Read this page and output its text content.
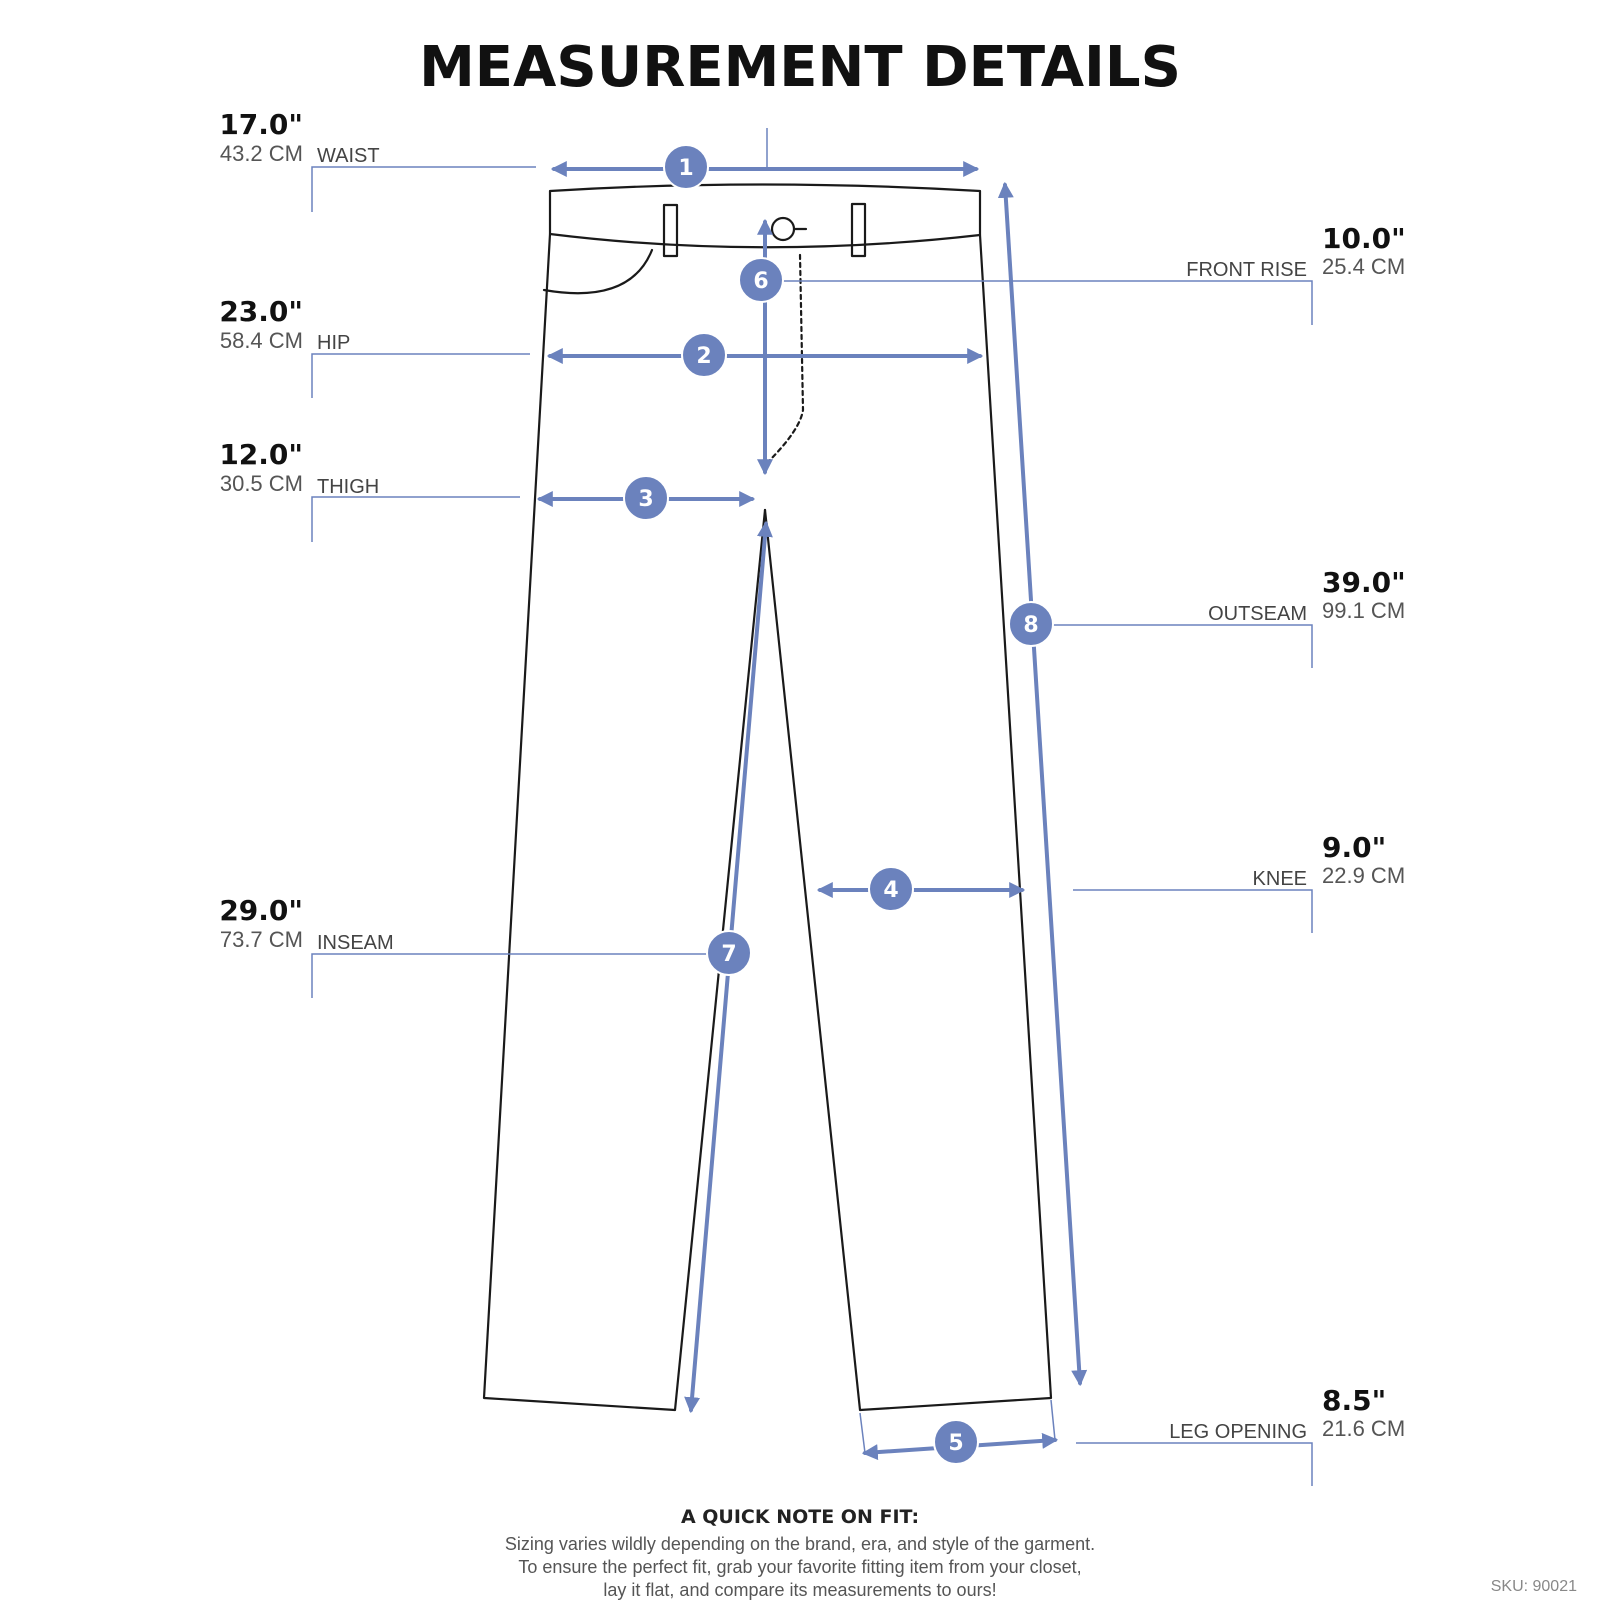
MEASUREMENT DETAILS
1
2
3
4
5
6
7
8
17.0"
43.2 CM WAIST
23.0"
58.4 CM HIP
12.0"
30.5 CM THIGH
29.0"
73.7 CM INSEAM
10.0"
25.4 CM
FRONT RISE
39.0"
99.1 CM
OUTSEAM
9.0"
22.9 CM
KNEE
8.5"
21.6 CM
LEG OPENING
A QUICK NOTE ON FIT:
Sizing varies wildly depending on the brand, era, and style of the garment.
To ensure the perfect fit, grab your favorite fitting item from your closet,
lay it flat, and compare its measurements to ours!	SKU: 90021
